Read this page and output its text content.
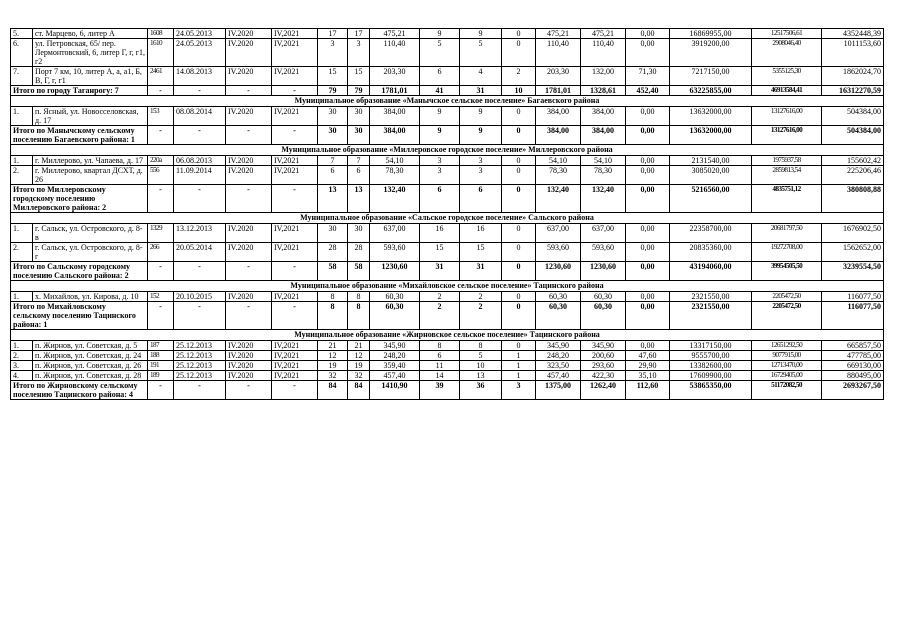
5.	ст. Марцево, 6, литер А	1608	24.05.2013	IV.2020	IV,2021	17	17	475,21	9	9	0	475,21	475,21	0,00	16869955,00	12517506,61	4352448,39
6.	ул. Петровская, 65/ пер. Лермонтовский, 6, литер Г, г, г1, г2	1610	24.05.2013	IV.2020	IV,2021	3	3	110,40	5	5	0	110,40	110,40	0,00	3919200,00	2908046,40	1011153,60
7.	Порт 7 км, 10, литер А, а, а1, Б, В, Г, г, г1	2461	14.08.2013	IV.2020	IV,2021	15	15	203,30	6	4	2	203,30	132,00	71,30	7217150,00	5355125,30	1862024,70
Итого по городу Таганрогу: 7		-	-	-	-	79	79	1781,01	41	31	10	1781,01	1328,61	452,40	63225855,00	46913584,41	16312270,59
Муниципальное образование «Манычское сельское поселение» Багаевского района																	
1.	п. Ясный, ул. Новосселовская, д. 17	153	08.08.2014	IV.2020	IV,2021	30	30	384,00	9	9	0	384,00	384,00	0,00	13632000,00	13127616,00	504384,00
Итого по Манычскому сельскому поселению Багаевского района: 1		-	-	-	-	30	30	384,00	9	9	0	384,00	384,00	0,00	13632000,00	13127616,00	504384,00
Муниципальное образование «Миллеровское городское поселение» Миллеровского района																	
1.	г. Миллерово, ул. Чапаева, д. 17	220а	06.08.2013	IV.2020	IV,2021	7	7	54,10	3	3	0	54,10	54,10	0,00	2131540,00	1975937,58	155602,42
2.	г. Миллерово, квартал ДСХТ, д. 26	556	11.09.2014	IV.2020	IV,2021	6	6	78,30	3	3	0	78,30	78,30	0,00	3085020,00	2859813,54	225206,46
Итого по Миллеровскому городскому поселению Миллеровского района: 2		-	-	-	-	13	13	132,40	6	6	0	132,40	132,40	0,00	5216560,00	4835751,12	380808,88
Муниципальное образование «Сальское городское поселение» Сальского района																	
1.	г. Сальск, ул. Островского, д. 8-в	1329	13.12.2013	IV.2020	IV,2021	30	30	637,00	16	16	0	637,00	637,00	0,00	22358700,00	20681797,50	1676902,50
2.	г. Сальск, ул. Островского, д. 8-г	266	20.05.2014	IV.2020	IV,2021	28	28	593,60	15	15	0	593,60	593,60	0,00	20835360,00	19272708,00	1562652,00
Итого по Сальскому городскому поселению Сальского района: 2		-	-	-	-	58	58	1230,60	31	31	0	1230,60	1230,60	0,00	43194060,00	39954505,50	3239554,50
Муниципальное образование «Михайловское сельское поселение» Тацинского района																	
1.	х. Михайлов, ул. Кирова, д. 10	152	20.10.2015	IV.2020	IV,2021	8	8	60,30	2	2	0	60,30	60,30	0,00	2321550,00	2205472,50	116077,50
Итого по Михайловскому сельскому поселению Тацинского района: 1		-	-	-	-	8	8	60,30	2	2	0	60,30	60,30	0,00	2321550,00	2205472,50	116077,50
Муниципальное образование «Жирновское сельское поселение» Тацинского района																	
1.	п. Жирнов, ул. Советская, д. 5	187	25.12.2013	IV.2020	IV,2021	21	21	345,90	8	8	0	345,90	345,90	0,00	13317150,00	12651292,50	665857,50
2.	п. Жирнов, ул. Советская, д. 24	188	25.12.2013	IV.2020	IV,2021	12	12	248,20	6	5	1	248,20	200,60	47,60	9555700,00	9077915,00	477785,00
3.	п. Жирнов, ул. Советская, д. 26	191	25.12.2013	IV.2020	IV,2021	19	19	359,40	11	10	1	323,50	293,60	29,90	13382600,00	12713470,00	669130,00
4.	п. Жирнов, ул. Советская, д. 28	189	25.12.2013	IV.2020	IV,2021	32	32	457,40	14	13	1	457,40	422,30	35,10	17609900,00	16729405,00	880495,00
Итого по Жирновскому сельскому поселению Тацинского района: 4		-	-	-	-	84	84	1410,90	39	36	3	1375,00	1262,40	112,60	53865350,00	51172082,50	2693267,50
